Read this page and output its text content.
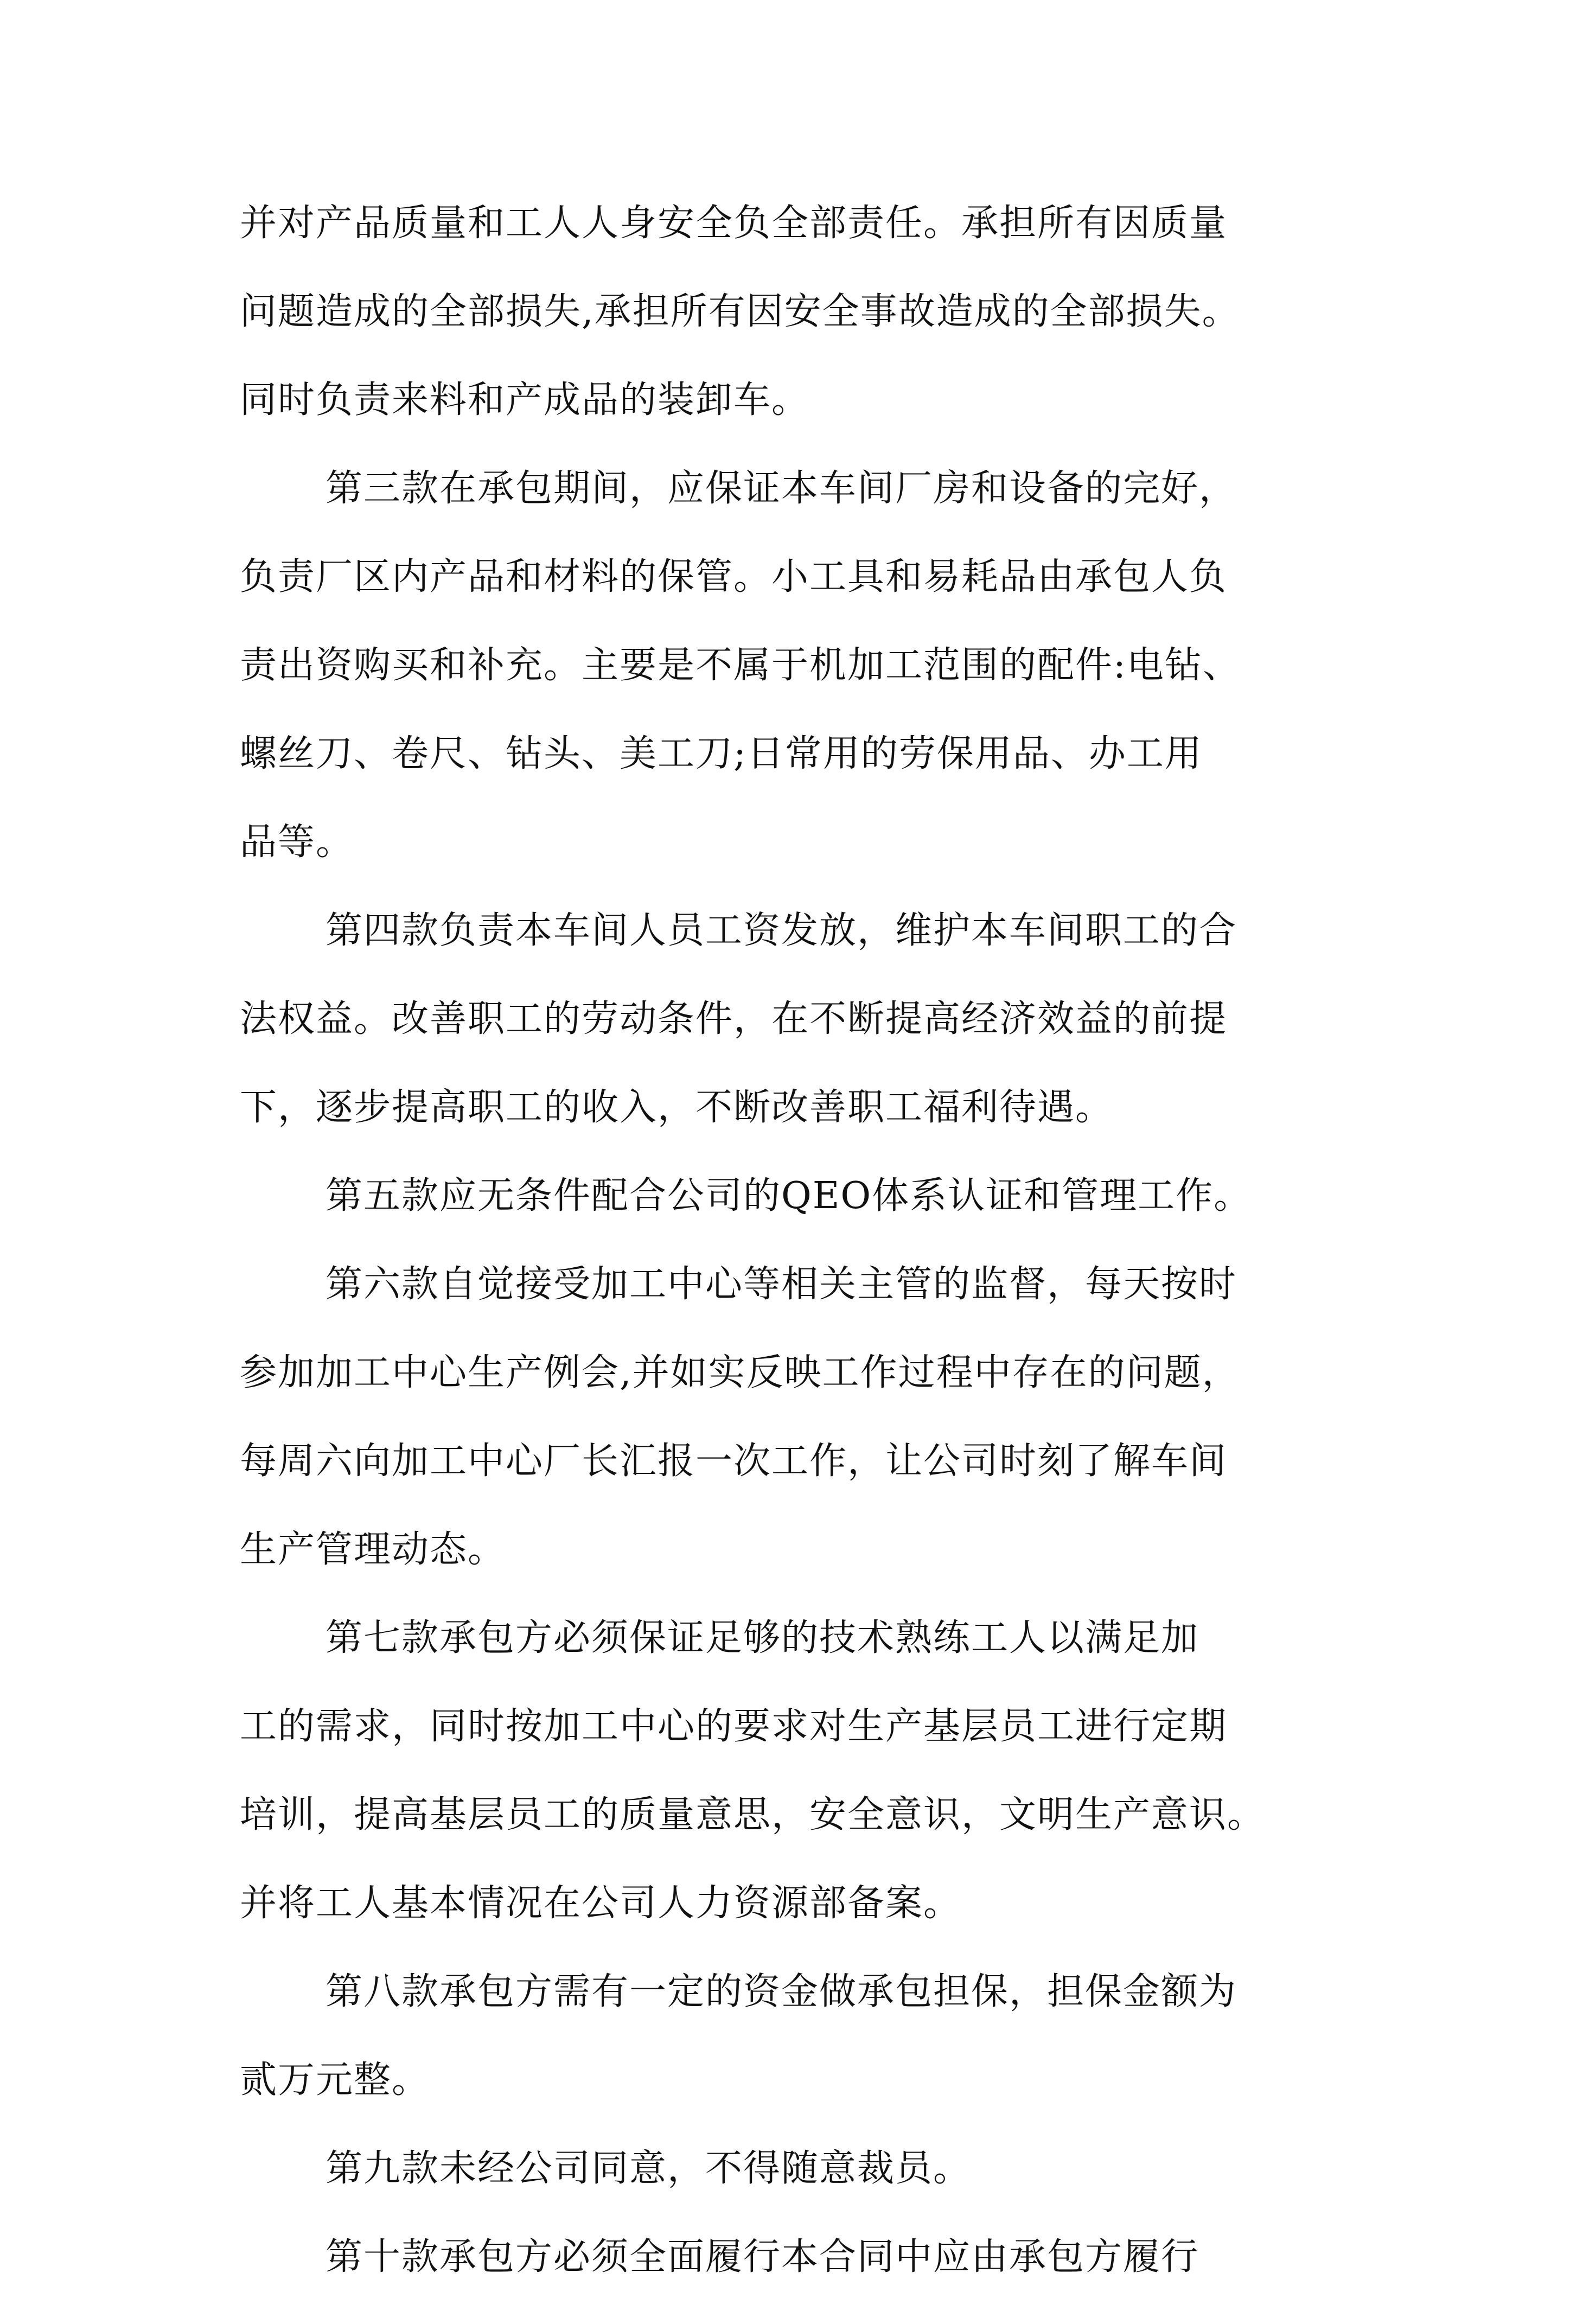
并对产品质量和工人人身安全负全部责任。承担所有因质量
问题造成的全部损失,承担所有因安全事故造成的全部损失。
同时负责来料和产成品的装卸车。
第三款在承包期间，应保证本车间厂房和设备的完好，
负责厂区内产品和材料的保管。小工具和易耗品由承包人负
责出资购买和补充。主要是不属于机加工范围的配件:电钻、
螺丝刀、卷尺、钻头、美工刀;日常用的劳保用品、办工用
品等。
第四款负责本车间人员工资发放，维护本车间职工的合
法权益。改善职工的劳动条件，在不断提高经济效益的前提
下，逐步提高职工的收入，不断改善职工福利待遇。
第五款应无条件配合公司的QEO体系认证和管理工作。
第六款自觉接受加工中心等相关主管的监督，每天按时
参加加工中心生产例会,并如实反映工作过程中存在的问题，
每周六向加工中心厂长汇报一次工作，让公司时刻了解车间
生产管理动态。
第七款承包方必须保证足够的技术熟练工人以满足加
工的需求，同时按加工中心的要求对生产基层员工进行定期
培训，提高基层员工的质量意思，安全意识，文明生产意识。
并将工人基本情况在公司人力资源部备案。
第八款承包方需有一定的资金做承包担保，担保金额为
贰万元整。
第九款未经公司同意，不得随意裁员。
第十款承包方必须全面履行本合同中应由承包方履行
